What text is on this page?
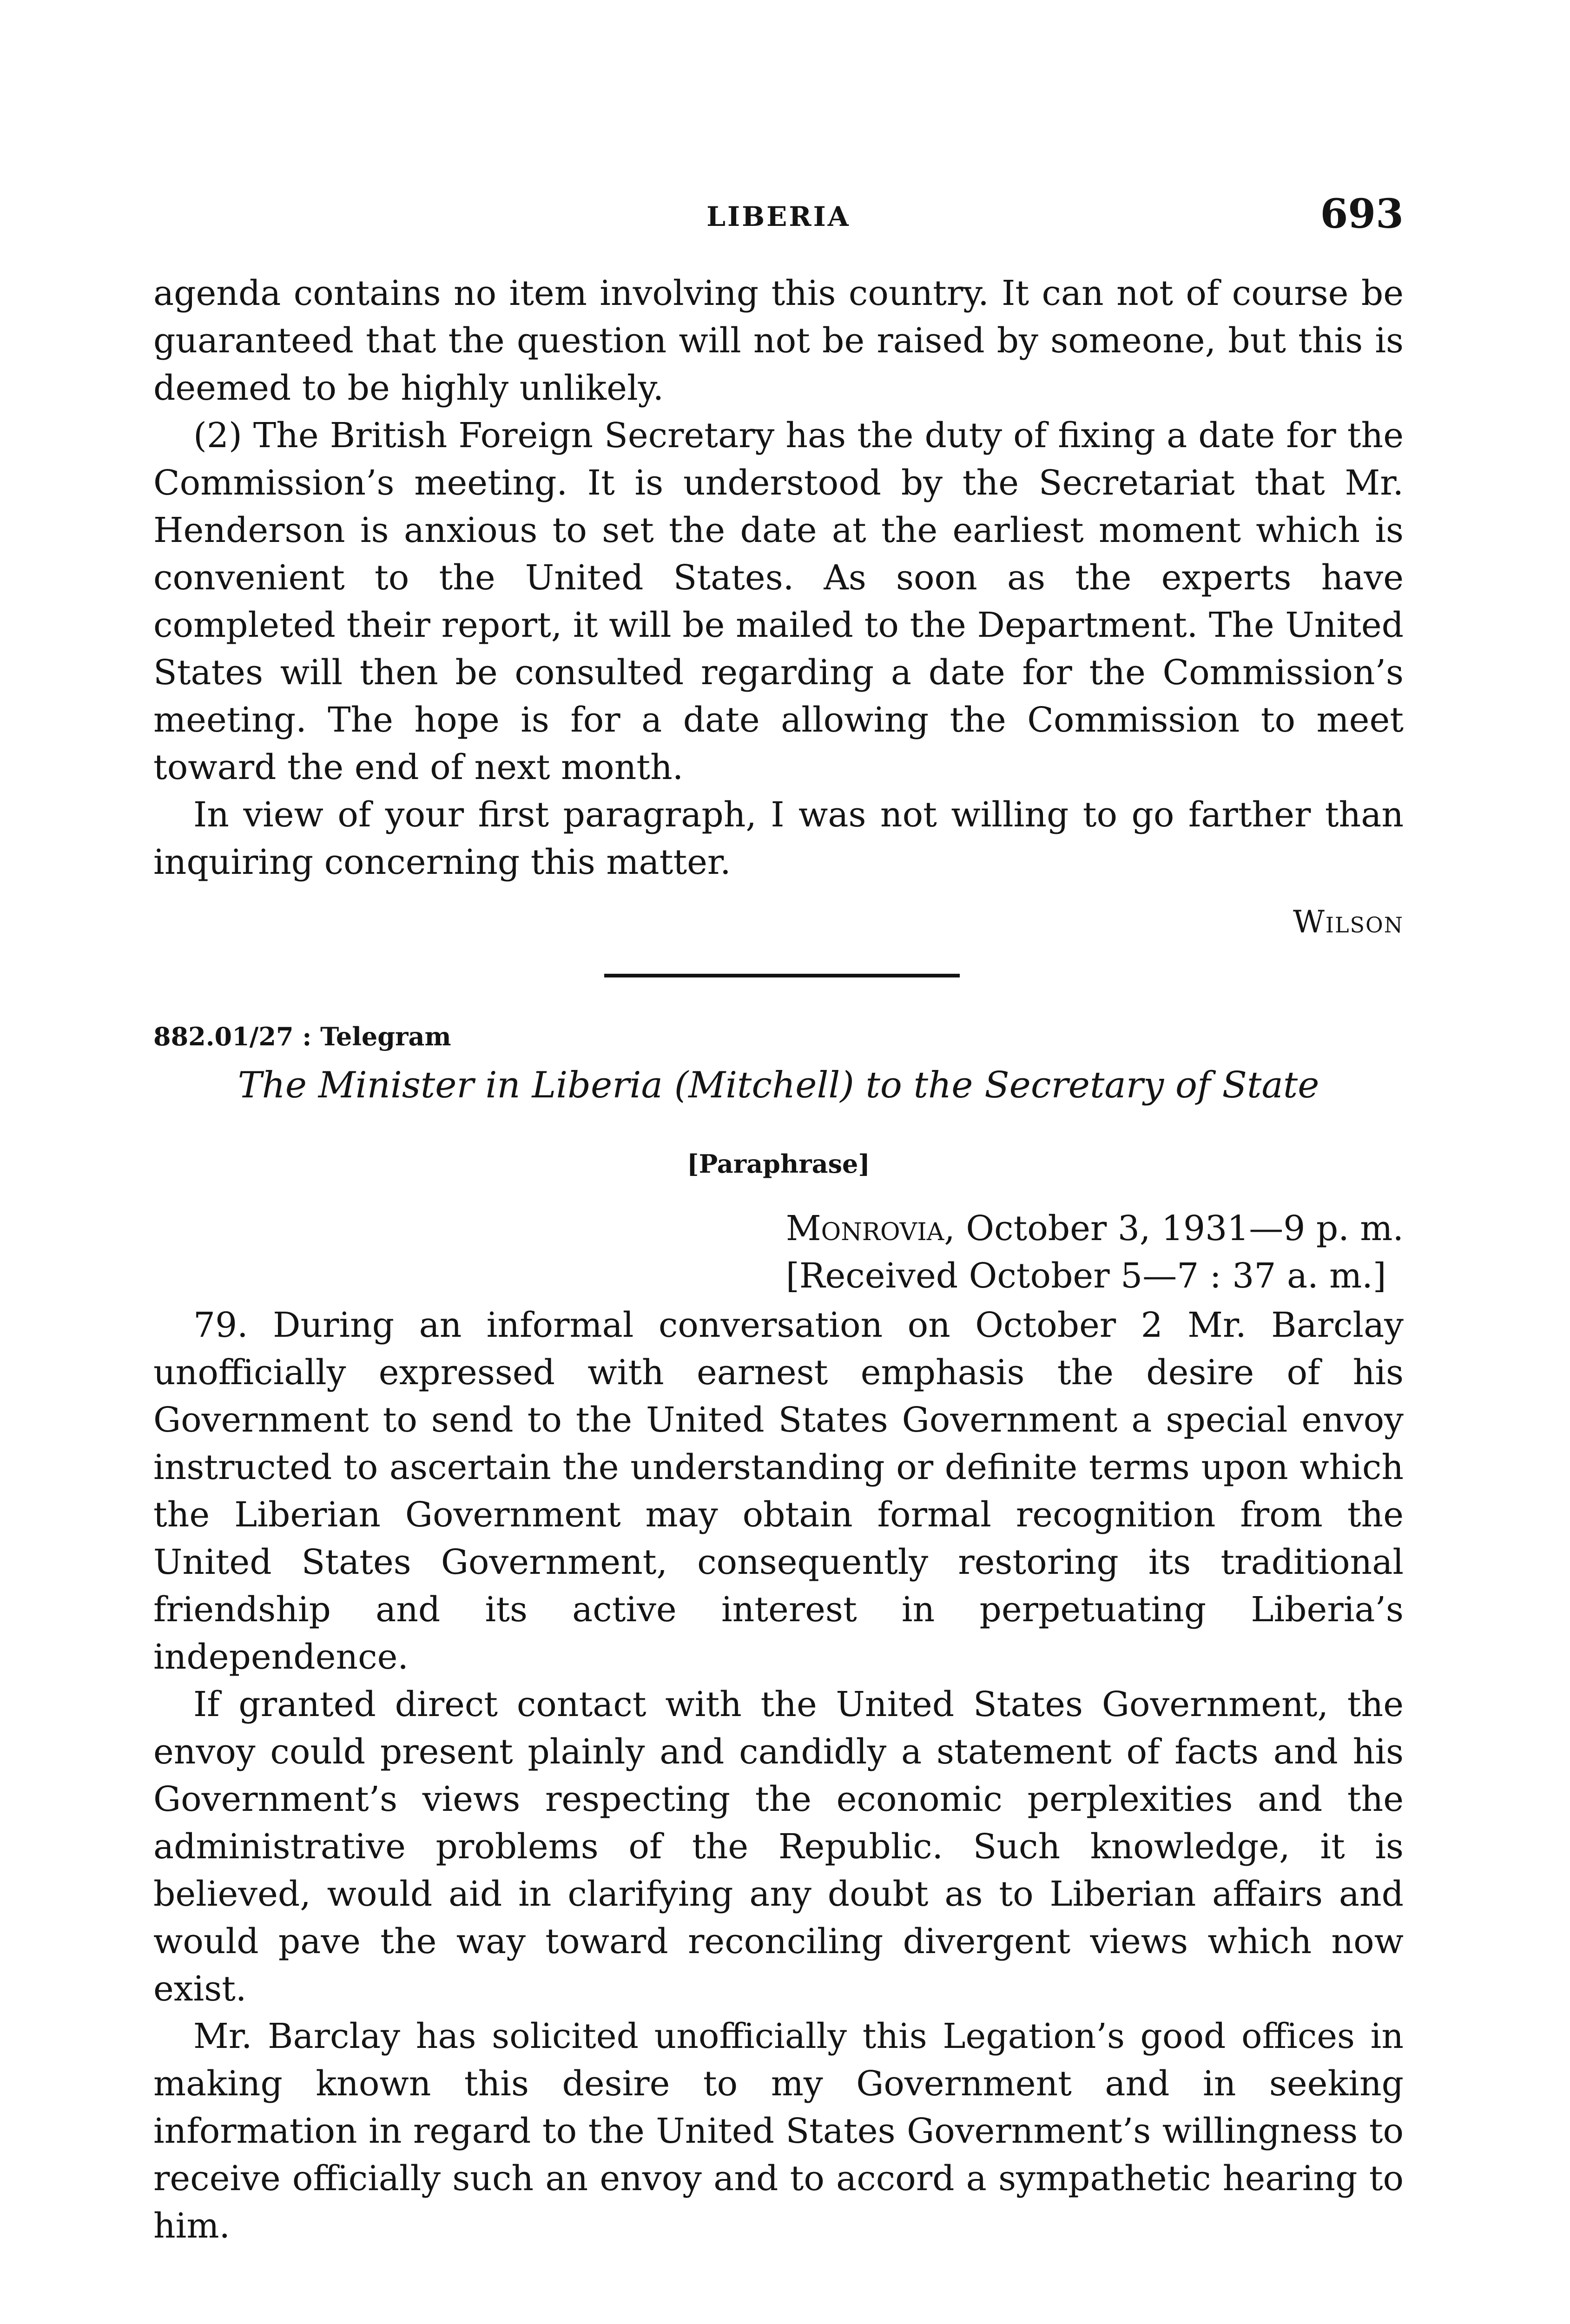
LIBERIA	693

agenda contains no item involving this country. It can not of course be guaranteed that the question will not be raised by someone, but this is deemed to be highly unlikely.

(2) The British Foreign Secretary has the duty of fixing a date for the Commission’s meeting. It is understood by the Secretariat that Mr. Henderson is anxious to set the date at the earliest moment which is convenient to the United States. As soon as the experts have completed their report, it will be mailed to the Department. The United States will then be consulted regarding a date for the Commission’s meeting. The hope is for a date allowing the Commission to meet toward the end of next month.

In view of your first paragraph, I was not willing to go farther than inquiring concerning this matter.

Wilson
882.01/27 : Telegram
The Minister in Liberia (Mitchell) to the Secretary of State
[Paraphrase]
Monrovia, October 3, 1931—9 p. m.
[Received October 5—7 : 37 a. m.]

79. During an informal conversation on October 2 Mr. Barclay unofficially expressed with earnest emphasis the desire of his Government to send to the United States Government a special envoy instructed to ascertain the understanding or definite terms upon which the Liberian Government may obtain formal recognition from the United States Government, consequently restoring its traditional friendship and its active interest in perpetuating Liberia’s independence.

If granted direct contact with the United States Government, the envoy could present plainly and candidly a statement of facts and his Government’s views respecting the economic perplexities and the administrative problems of the Republic. Such knowledge, it is believed, would aid in clarifying any doubt as to Liberian affairs and would pave the way toward reconciling divergent views which now exist.

Mr. Barclay has solicited unofficially this Legation’s good offices in making known this desire to my Government and in seeking information in regard to the United States Government’s willingness to receive officially such an envoy and to accord a sympathetic hearing to him.
